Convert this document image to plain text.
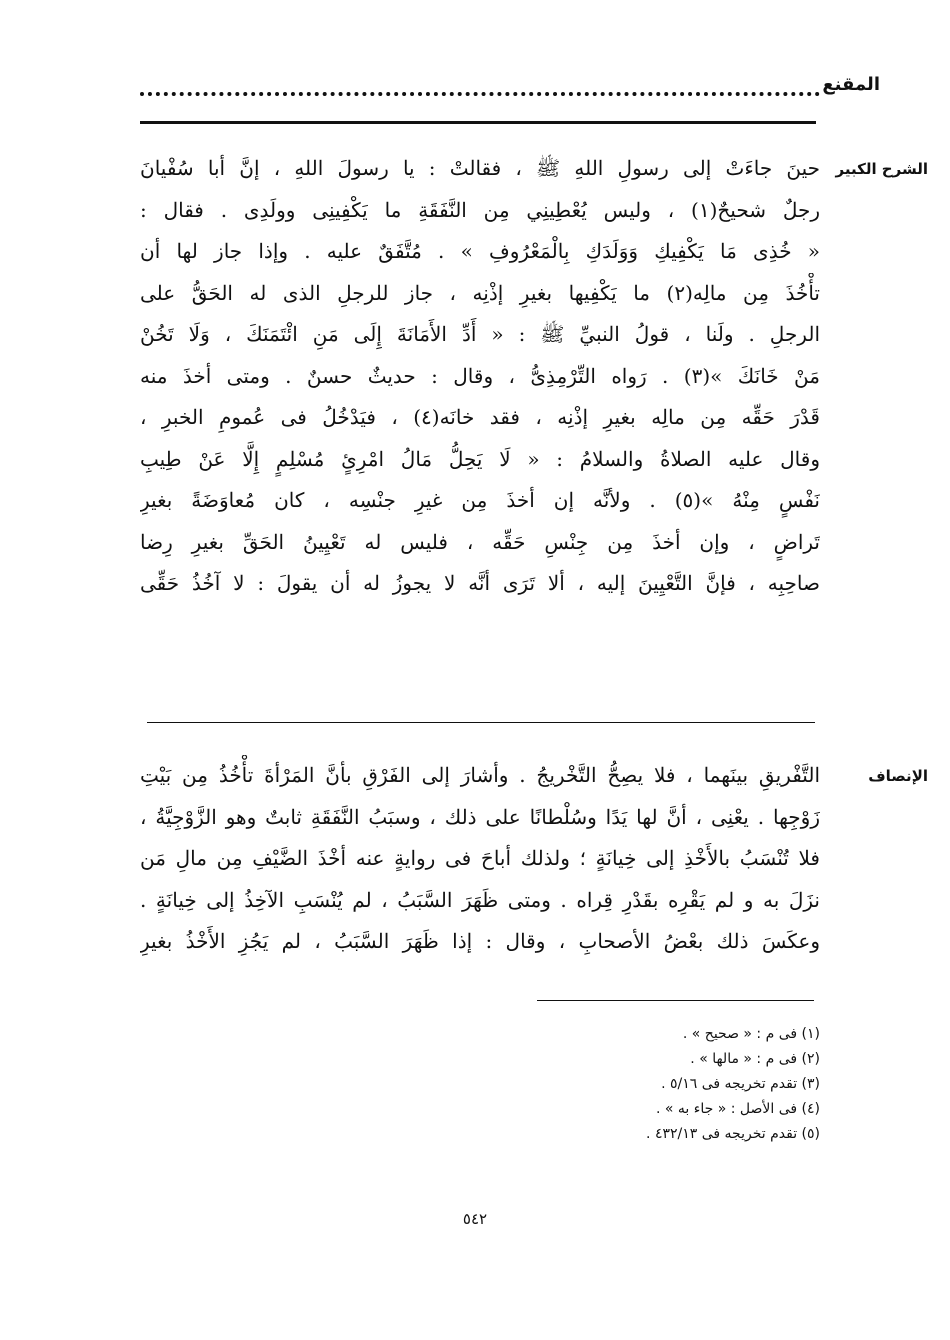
المقنع
الشرح الكبير
حينَ جاءَتْ إلى رسولِ اللهِ ﷺ ، فقالتْ : يا رسولَ اللهِ ، إنَّ أبا سُفْيانَ
رجلٌ شحيحٌ(١) ، وليس يُعْطِينِي مِن النَّفَقَةِ ما يَكْفِينِى وولَدِى . فقال :
« خُذِى مَا يَكْفِيكِ وَوَلَدَكِ بِالْمَعْرُوفِ » . مُتَّفَقٌ عليه . وإذا جاز لها أن
تأْخُذَ مِن مالِه(٢) ما يَكْفِيها بغيرِ إذْنِه ، جاز للرجلِ الذى له الحَقُّ على
الرجلِ . ولَنا ، قولُ النبيِّ ﷺ : « أَدِّ الأَمَانَةَ إِلَى مَنِ ائْتَمَنَكَ ، وَلَا تَخُنْ
مَنْ خَانَكَ »(٣) . رَواه التِّرْمِذِىُّ ، وقال : حديثٌ حسنٌ . ومتى أخذَ منه
قَدْرَ حَقِّه مِن مالِه بغيرِ إذْنِه ، فقد خانَه(٤) ، فيَدْخُلُ فى عُمومِ الخبرِ ،
وقال عليه الصلاةُ والسلامُ : « لَا يَحِلُّ مَالُ امْرِئٍ مُسْلِمٍ إِلَّا عَنْ طِيبِ
نَفْسٍ مِنْهُ »(٥) . ولأنَّه إن أخذَ مِن غيرِ جنْسِه ، كان مُعاوَضَةً بغيرِ
تَراضٍ ، وإن أخذَ مِن جِنْسِ حَقِّه ، فليس له تَعْيِينُ الحَقِّ بغيرِ رِضا
صاحِبِه ، فإنَّ التَّعْيِينَ إليه ، ألا تَرَى أنَّه لا يجوزُ له أن يقولَ : لا آخُذُ حَقِّى
الإنصاف
التَّفْريقِ بينَهما ، فلا يصِحُّ التَّخْريجُ . وأشارَ إلى الفَرْقِ بأنَّ المَرْأةَ تأْخُذُ مِن بَيْتِ
زَوْجِها . يعْنِى ، أنَّ لها يَدًا وسُلْطانًا على ذلك ، وسبَبُ النَّفَقَةِ ثابتٌ وهو الزَّوْجِيَّةُ ،
فلا تُنْسَبُ بالأَخْذِ إلى خِيانَةٍ ؛ ولذلك أباحَ فى روايةٍ عنه أخْذَ الضَّيْفِ مِن مالِ مَن
نزَلَ به و لم يَقْرِه بقَدْرِ قِراه . ومتى ظَهَرَ السَّبَبُ ، لم يُنْسَبِ الآخِذُ إلى خِيانَةٍ .
وعكَسَ ذلك بعْضُ الأصحابِ ، وقال : إذا ظَهَرَ السَّبَبُ ، لم يَجُزِ الأَخْذُ بغيرِ
(١) فى م : « صحيح » .
(٢) فى م : « مالها » .
(٣) تقدم تخريجه فى ٥/١٦ .
(٤) فى الأصل : « جاء به » .
(٥) تقدم تخريجه فى ٤٣٢/١٣ .
٥٤٢
